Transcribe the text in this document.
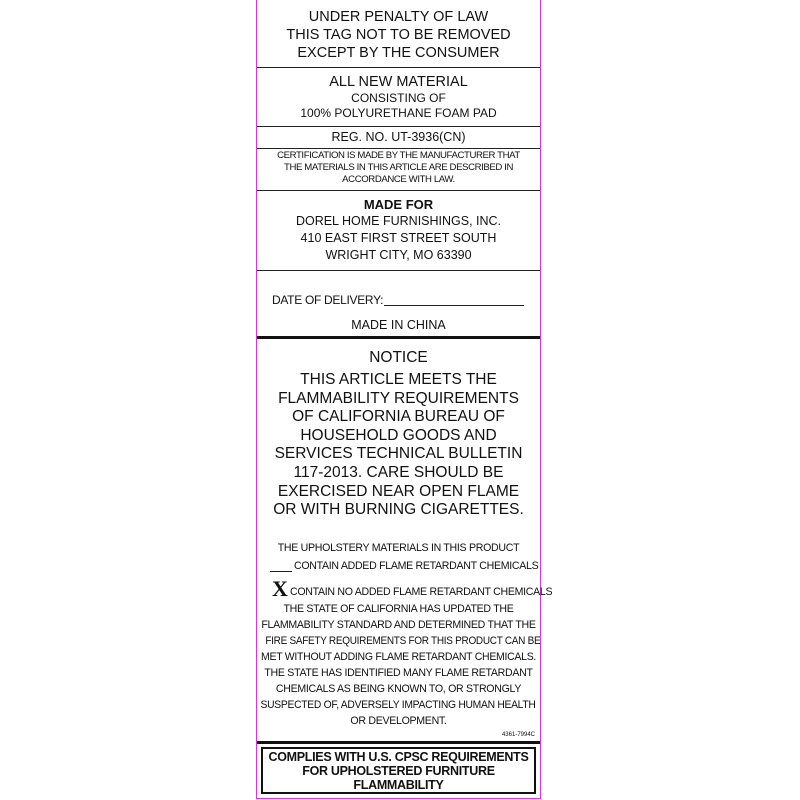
UNDER PENALTY OF LAW
THIS TAG NOT TO BE REMOVED
EXCEPT BY THE CONSUMER
ALL NEW MATERIAL
CONSISTING OF
100% POLYURETHANE FOAM PAD
REG. NO. UT-3936(CN)
CERTIFICATION IS MADE BY THE MANUFACTURER THAT
THE MATERIALS IN THIS ARTICLE ARE DESCRIBED IN
ACCORDANCE WITH LAW.
MADE FOR
DOREL HOME FURNISHINGS, INC.
410 EAST FIRST STREET SOUTH
WRIGHT CITY, MO 63390
DATE OF DELIVERY:
MADE IN CHINA
NOTICE
THIS ARTICLE MEETS THE
FLAMMABILITY REQUIREMENTS
OF CALIFORNIA BUREAU OF
HOUSEHOLD GOODS AND
SERVICES TECHNICAL BULLETIN
117-2013. CARE SHOULD BE
EXERCISED NEAR OPEN FLAME
OR WITH BURNING CIGARETTES.
THE UPHOLSTERY MATERIALS IN THIS PRODUCT
CONTAIN ADDED FLAME RETARDANT CHEMICALS
X CONTAIN NO ADDED FLAME RETARDANT CHEMICALS
THE STATE OF CALIFORNIA HAS UPDATED THE
FLAMMABILITY STANDARD AND DETERMINED THAT THE
FIRE SAFETY REQUIREMENTS FOR THIS PRODUCT CAN BE
MET WITHOUT ADDING FLAME RETARDANT CHEMICALS.
THE STATE HAS IDENTIFIED MANY FLAME RETARDANT
CHEMICALS AS BEING KNOWN TO, OR STRONGLY
SUSPECTED OF, ADVERSELY IMPACTING HUMAN HEALTH
OR DEVELOPMENT.
4361-7994C
COMPLIES WITH U.S. CPSC REQUIREMENTS
FOR UPHOLSTERED FURNITURE
FLAMMABILITY
